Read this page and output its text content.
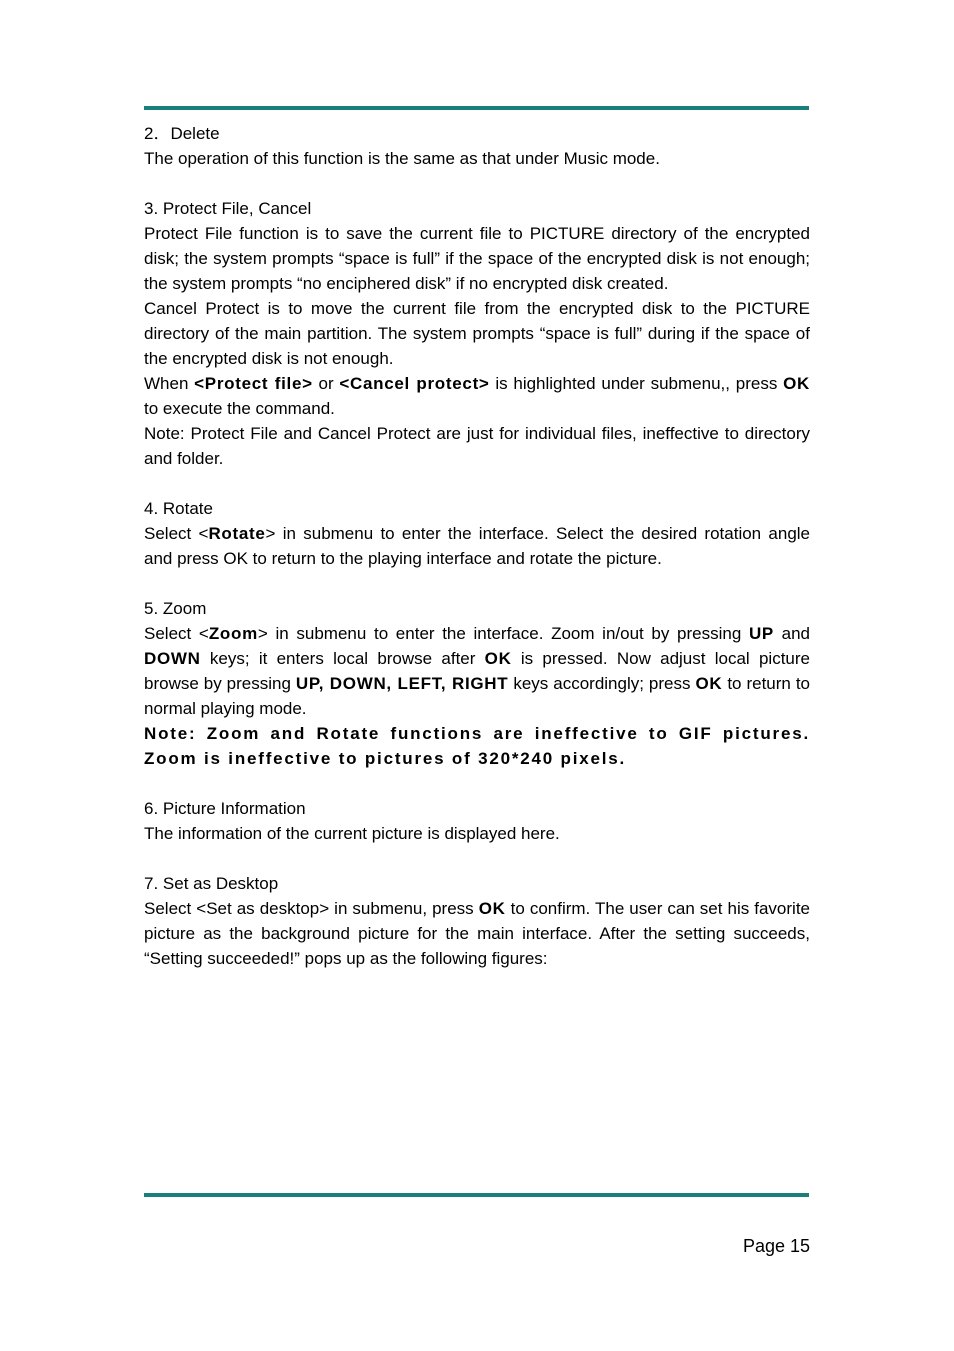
2．Delete

The operation of this function is the same as that under Music mode.

3. Protect File, Cancel

Protect File function is to save the current file to PICTURE directory of the encrypted disk; the system prompts “space is full” if the space of the encrypted disk is not enough; the system prompts “no enciphered disk” if no encrypted disk created.

Cancel Protect is to move the current file from the encrypted disk to the PICTURE directory of the main partition. The system prompts “space is full” during if the space of the encrypted disk is not enough.

When <Protect file> or <Cancel protect> is highlighted under submenu,, press OK to execute the command.

Note: Protect File and Cancel Protect are just for individual files, ineffective to directory and folder.

4. Rotate

Select <Rotate> in submenu to enter the interface. Select the desired rotation angle and press OK to return to the playing interface and rotate the picture.

5. Zoom

Select <Zoom> in submenu to enter the interface. Zoom in/out by pressing UP and DOWN keys; it enters local browse after OK is pressed. Now adjust local picture browse by pressing UP, DOWN, LEFT, RIGHT keys accordingly; press OK to return to normal playing mode.

Note: Zoom and Rotate functions are ineffective to GIF pictures. Zoom is ineffective to pictures of 320*240 pixels.

6. Picture Information

The information of the current picture is displayed here.

7. Set as Desktop

Select <Set as desktop> in submenu, press OK to confirm. The user can set his favorite picture as the background picture for the main interface. After the setting succeeds, “Setting succeeded!” pops up as the following figures:

Page 15
